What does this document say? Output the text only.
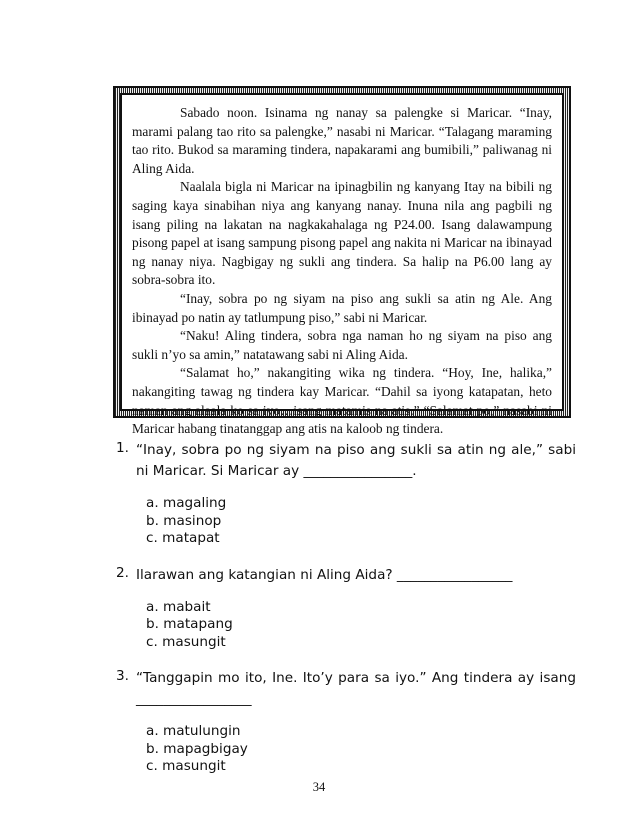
Sabado noon. Isinama ng nanay sa palengke si Maricar. “Inay, marami palang tao rito sa palengke,” nasabi ni Maricar. “Talagang maraming tao rito. Bukod sa maraming tindera, napakarami ang bumibili,” paliwanag ni Aling Aida.

Naalala bigla ni Maricar na ipinagbilin ng kanyang Itay na bibili ng saging kaya sinabihan niya ang kanyang nanay. Inuna nila ang pagbili ng isang piling na lakatan na nagkakahalaga ng P24.00. Isang dalawampung pisong papel at isang sampung pisong papel ang nakita ni Maricar na ibinayad ng nanay niya. Nagbigay ng sukli ang tindera. Sa halip na P6.00 lang ay sobra-sobra ito.

“Inay, sobra po ng siyam na piso ang sukli sa atin ng Ale. Ang ibinayad po natin ay tatlumpung piso,” sabi ni Maricar.

“Naku! Aling tindera, sobra nga naman ho ng siyam na piso ang sukli n’yo sa amin,” natatawang sabi ni Aling Aida.

“Salamat ho,” nakangiting wika ng tindera. “Hoy, Ine, halika,” nakangiting tawag ng tindera kay Maricar. “Dahil sa iyong katapatan, heto naman ang alaala ko sa iyo…isang matamis na atis.” “Salamat po,” nasabi ni Maricar habang tinatanggap ang atis na kaloob ng tindera.

1. “Inay, sobra po ng siyam na piso ang sukli sa atin ng ale,” sabi ni Maricar. Si Maricar ay ________________.
a. magaling
b. masinop
c. matapat
2. Ilarawan ang katangian ni Aling Aida? _________________
a. mabait
b. matapang
c. masungit
3. “Tanggapin mo ito, Ine. Ito’y para sa iyo.” Ang tindera ay isang _________________
a. matulungin
b. mapagbigay
c. masungit
34
